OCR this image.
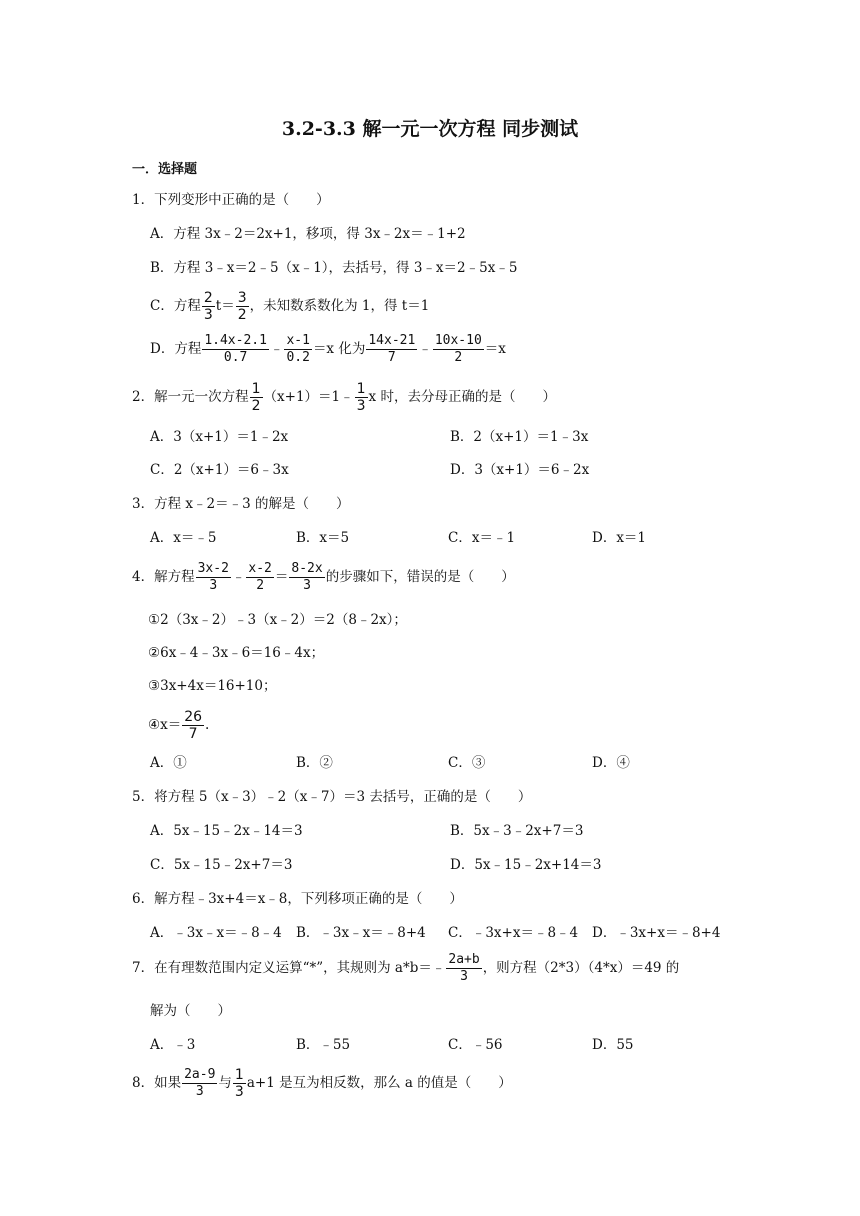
3.2-3.3 解一元一次方程 同步测试
一．选择题
1．下列变形中正确的是（　　）
A．方程 3x﹣2＝2x+1，移项，得 3x﹣2x＝﹣1+2
B．方程 3﹣x＝2﹣5（x﹣1），去括号，得 3﹣x＝2﹣5x﹣5
C．方程 $\frac{2}{3} t= \frac{3}{2}$ ，未知数系数化为 1，得 t＝1
D．方程 $\frac{1.4x-2.1}{0.7}$ ﹣ $\frac{x-1}{0.2} =x$ 化为 $\frac{14x-21}{7}$ ﹣ $\frac{10x-10}{2} =x$
2．解一元一次方程 $\frac{1}{2}$ （x+1）＝1﹣ $\frac{1}{3}$ x 时，去分母正确的是（　　）
A．3（x+1）＝1﹣2x	B．2（x+1）＝1﹣3x
C．2（x+1）＝6﹣3x	D．3（x+1）＝6﹣2x
3．方程 x﹣2＝﹣3 的解是（　　）
A．x＝﹣5	B．x＝5	C．x＝﹣1	D．x＝1
4．解方程 $\frac{3x-2}{3}$ ﹣ $\frac{x-2}{2} = \frac{8-2x}{3}$ 的步骤如下，错误的是（　　）
①2（3x﹣2）﹣3（x﹣2）＝2（8﹣2x）；
②6x﹣4﹣3x﹣6＝16﹣4x；
③3x+4x＝16+10；
④x＝ $\frac{26}{7}$ .
A．①	B．②	C．③	D．④
5．将方程 5（x﹣3）﹣2（x﹣7）＝3 去括号，正确的是（　　）
A．5x﹣15﹣2x﹣14＝3	B．5x﹣3﹣2x+7＝3
C．5x﹣15﹣2x+7＝3	D．5x﹣15﹣2x+14＝3
6．解方程﹣3x+4＝x﹣8，下列移项正确的是（　　）
A．﹣3x﹣x＝﹣8﹣4 B．﹣3x﹣x＝﹣8+4 C．﹣3x+x＝﹣8﹣4 D．﹣3x+x＝﹣8+4
7．在有理数范围内定义运算“*”，其规则为 a*b＝﹣ $\frac{2a+b}{3}$ ，则方程（2*3）（4*x）＝49 的
解为（　　）
A．﹣3	B．﹣55	C．﹣56	D．55
8．如果 $\frac{2a-9}{3}$ 与 $\frac{1}{3} a+1$ 是互为相反数，那么 a 的值是（　　）
